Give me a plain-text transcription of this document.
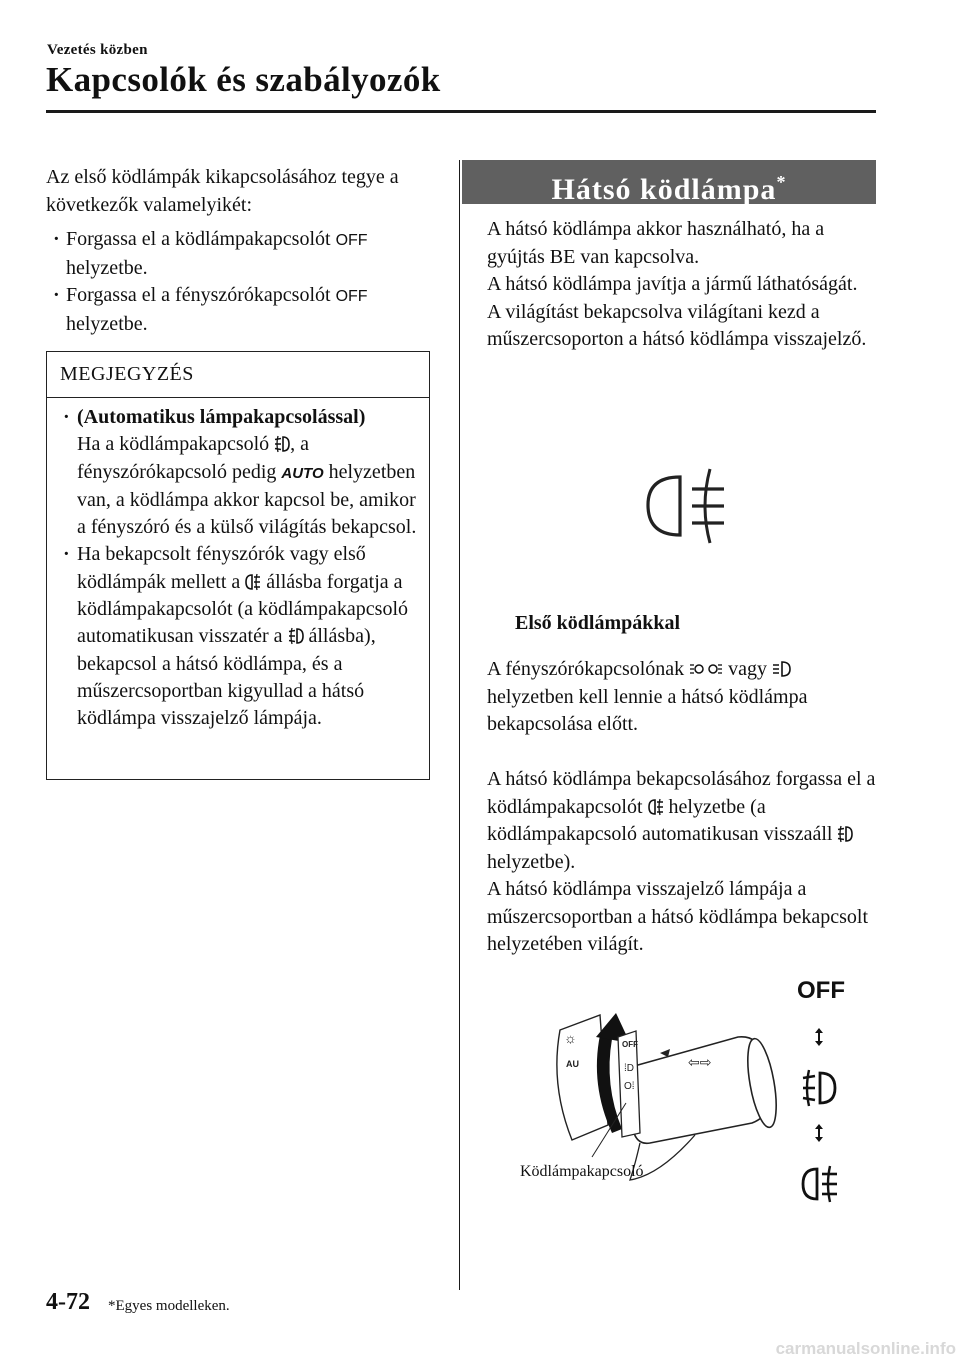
Vezetés közben
Kapcsolók és szabályozók
Az első ködlámpák kikapcsolásához tegye a következők valamelyikét:
· Forgassa el a ködlámpakapcsolót OFF
helyzetbe.
· Forgassa el a fényszórókapcsolót OFF
helyzetbe.
MEGJEGYZÉS
· (Automatikus lámpakapcsolással)
Ha a ködlámpakapcsoló , a fényszórókapcsoló pedig AUTO helyzetben van, a ködlámpa akkor kapcsol be, amikor a fényszóró és a külső világítás bekapcsol.
· Ha bekapcsolt fényszórók vagy első ködlámpák mellett a állásba forgatja a ködlámpakapcsolót (a ködlámpakapcsoló automatikusan visszatér a állásba), bekapcsol a hátsó ködlámpa, és a műszercsoportban kigyullad a hátsó ködlámpa visszajelző lámpája.
Hátsó ködlámpa*
A hátsó ködlámpa akkor használható, ha a gyújtás BE van kapcsolva.
A hátsó ködlámpa javítja a jármű láthatóságát.
A világítást bekapcsolva világítani kezd a műszercsoporton a hátsó ködlámpa visszajelző.
Első ködlámpákkal
A fényszórókapcsolónak vagy
helyzetben kell lennie a hátsó ködlámpa bekapcsolása előtt.
A hátsó ködlámpa bekapcsolásához forgassa el a ködlámpakapcsolót helyzetbe (a ködlámpakapcsoló automatikusan visszaáll
helyzetbe).
A hátsó ködlámpa visszajelző lámpája a műszercsoportban a hátsó ködlámpa bekapcsolt helyzetében világít.
☼
AU
OFF
⁞D
O⁞
⇦⇨
Ködlámpakapcsoló
OFF
4-72 *Egyes modelleken.
carmanualsonline.info
